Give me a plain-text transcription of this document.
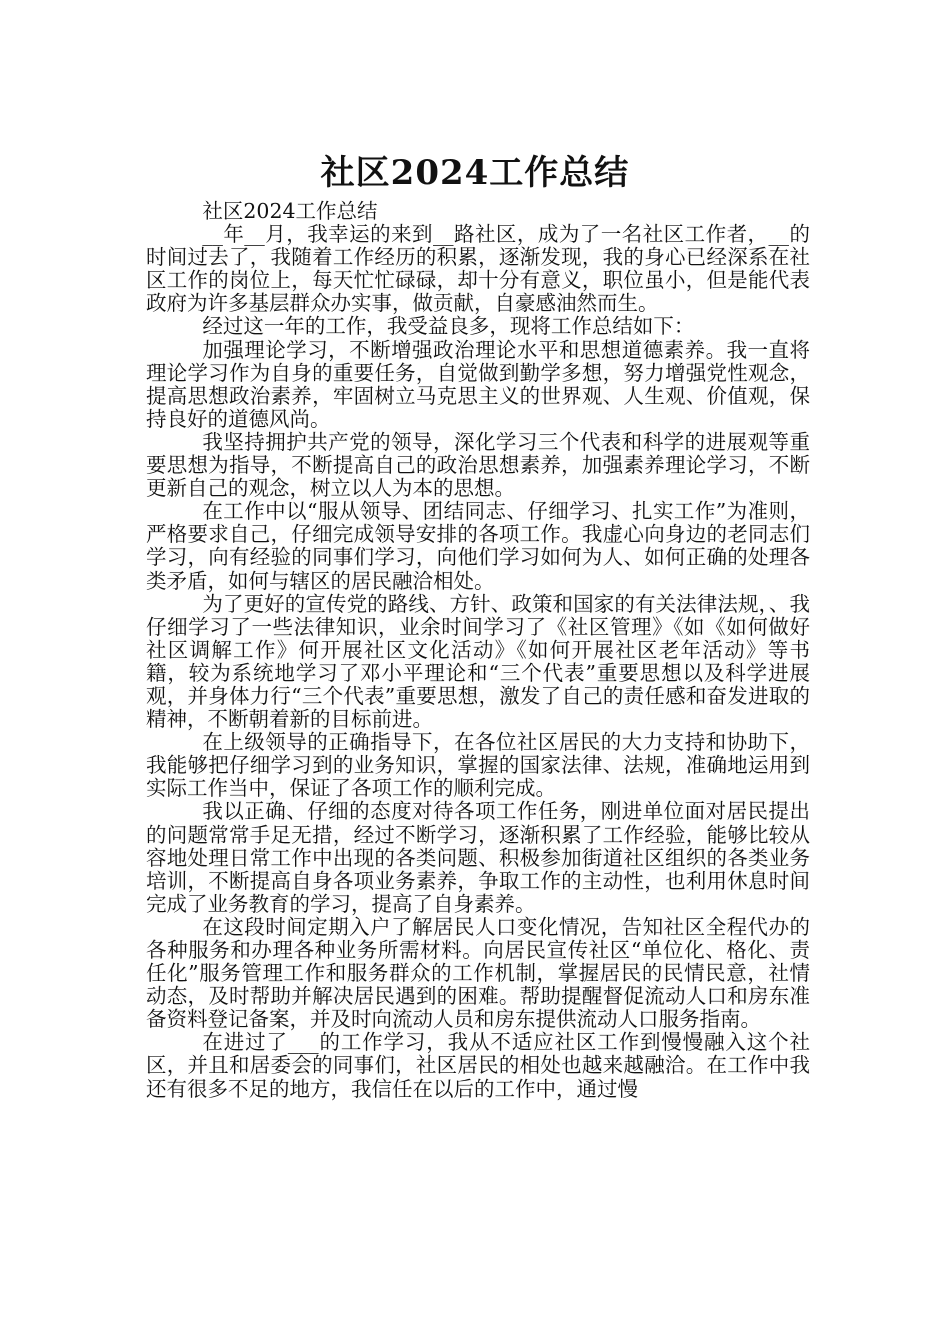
社区2024工作总结

社区2024工作总结

__年__月，我幸运的来到__路社区，成为了一名社区工作者，__的时间过去了，我随着工作经历的积累，逐渐发现，我的身心已经深系在社区工作的岗位上，每天忙忙碌碌，却十分有意义，职位虽小，但是能代表政府为许多基层群众办实事，做贡献，自豪感油然而生。

经过这一年的工作，我受益良多，现将工作总结如下：

加强理论学习，不断增强政治理论水平和思想道德素养。我一直将理论学习作为自身的重要任务，自觉做到勤学多想，努力增强党性观念，提高思想政治素养，牢固树立马克思主义的世界观、人生观、价值观，保持良好的道德风尚。

我坚持拥护共产党的领导，深化学习三个代表和科学的进展观等重要思想为指导，不断提高自己的政治思想素养，加强素养理论学习，不断更新自己的观念，树立以人为本的思想。

在工作中以“服从领导、团结同志、仔细学习、扎实工作”为准则，严格要求自己，仔细完成领导安排的各项工作。我虚心向身边的老同志们学习，向有经验的同事们学习，向他们学习如何为人、如何正确的处理各类矛盾，如何与辖区的居民融洽相处。

为了更好的宣传党的路线、方针、政策和国家的有关法律法规，、我仔细学习了一些法律知识，业余时间学习了《社区管理》《如《如何做好社区调解工作》何开展社区文化活动》《如何开展社区老年活动》等书籍，较为系统地学习了邓小平理论和“三个代表”重要思想以及科学进展观，并身体力行“三个代表”重要思想，激发了自己的责任感和奋发进取的精神，不断朝着新的目标前进。

在上级领导的正确指导下，在各位社区居民的大力支持和协助下，我能够把仔细学习到的业务知识，掌握的国家法律、法规，准确地运用到实际工作当中，保证了各项工作的顺利完成。

我以正确、仔细的态度对待各项工作任务，刚进单位面对居民提出的问题常常手足无措，经过不断学习，逐渐积累了工作经验，能够比较从容地处理日常工作中出现的各类问题、积极参加街道社区组织的各类业务培训，不断提高自身各项业务素养，争取工作的主动性，也利用休息时间完成了业务教育的学习，提高了自身素养。

在这段时间定期入户了解居民人口变化情况，告知社区全程代办的各种服务和办理各种业务所需材料。向居民宣传社区“单位化、格化、责任化”服务管理工作和服务群众的工作机制，掌握居民的民情民意，社情动态，及时帮助并解决居民遇到的困难。帮助提醒督促流动人口和房东准备资料登记备案，并及时向流动人员和房东提供流动人口服务指南。

在进过了___的工作学习，我从不适应社区工作到慢慢融入这个社区，并且和居委会的同事们，社区居民的相处也越来越融洽。在工作中我还有很多不足的地方，我信任在以后的工作中，通过慢
